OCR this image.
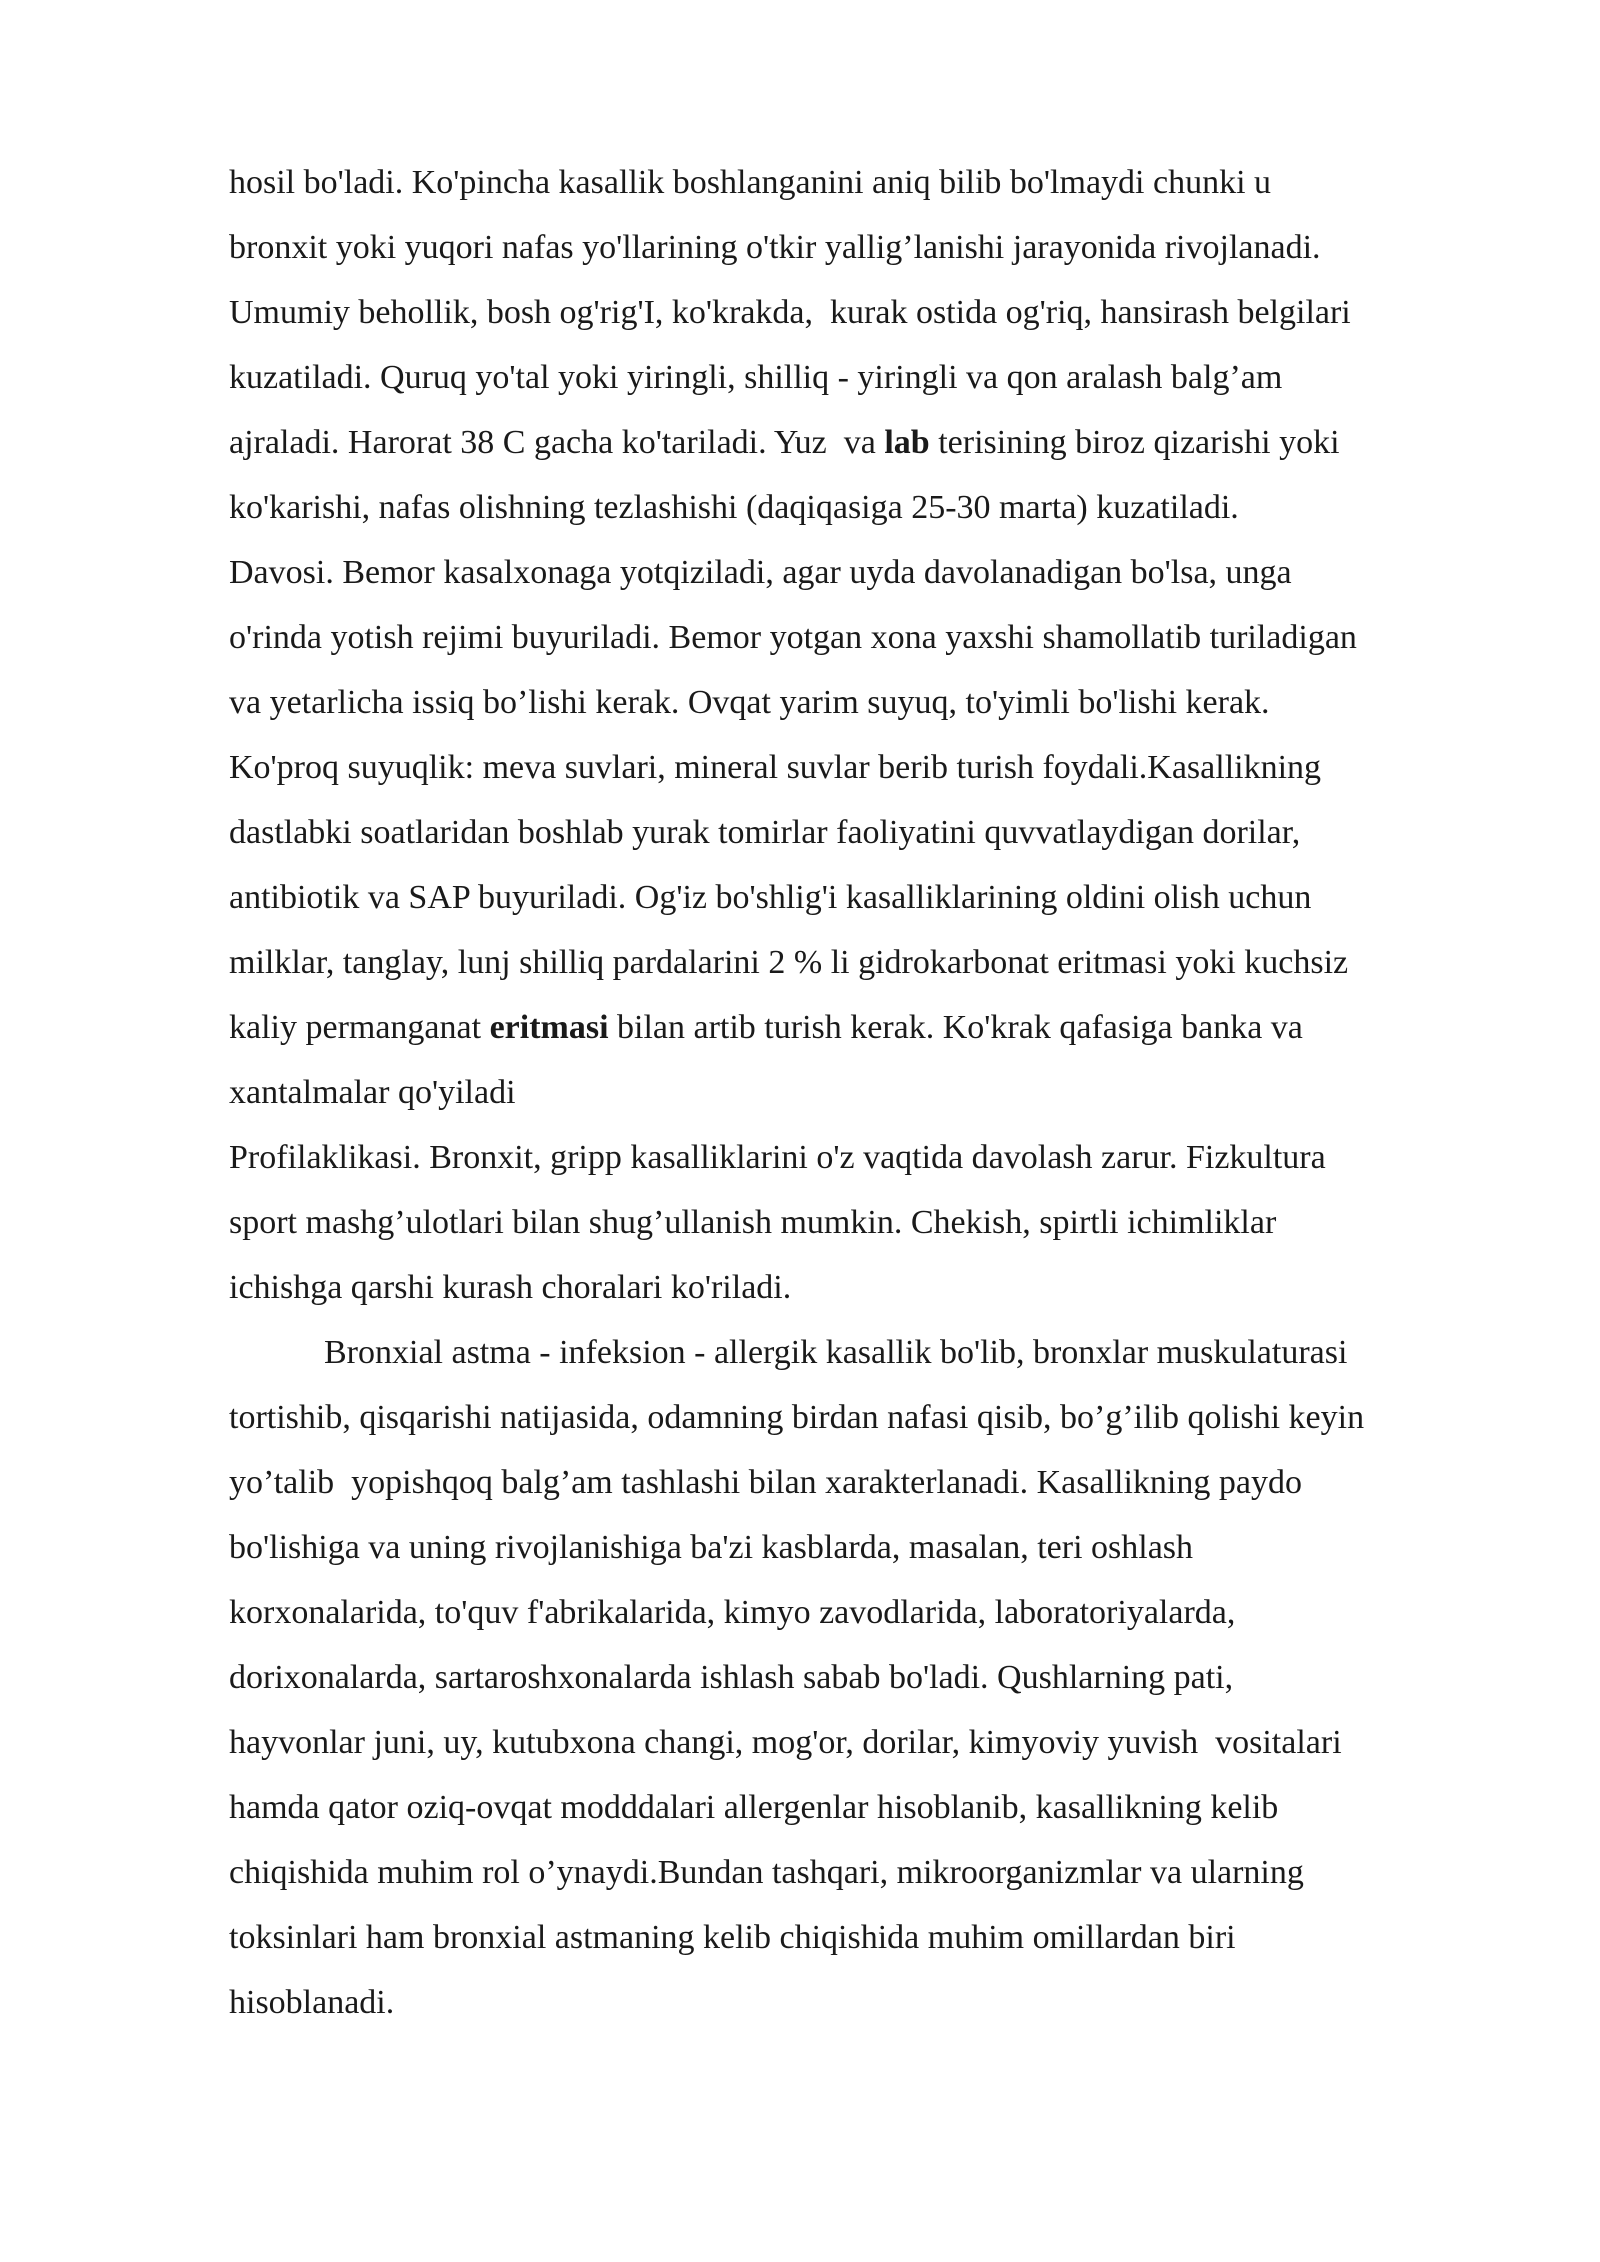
hosil bo'ladi. Ko'pincha kasallik boshlanganini aniq bilib bo'lmaydi chunki u
bronxit yoki yuqori nafas yo'llarining o'tkir yallig’lanishi jarayonida rivojlanadi.
Umumiy behollik, bosh og'rig'I, ko'krakda,  kurak ostida og'riq, hansirash belgilari
kuzatiladi. Quruq yo'tal yoki yiringli, shilliq - yiringli va qon aralash balg’am
ajraladi. Harorat 38 C gacha ko'tariladi. Yuz  va lab terisining biroz qizarishi yoki
ko'karishi, nafas olishning tezlashishi (daqiqasiga 25-30 marta) kuzatiladi.
Davosi. Bemor kasalxonaga yotqiziladi, agar uyda davolanadigan bo'lsa, unga
o'rinda yotish rejimi buyuriladi. Bemor yotgan xona yaxshi shamollatib turiladigan
va yetarlicha issiq bo’lishi kerak. Ovqat yarim suyuq, to'yimli bo'lishi kerak.
Ko'proq suyuqlik: meva suvlari, mineral suvlar berib turish foydali.Kasallikning
dastlabki soatlaridan boshlab yurak tomirlar faoliyatini quvvatlaydigan dorilar,
antibiotik va SAP buyuriladi. Og'iz bo'shlig'i kasalliklarining oldini olish uchun
milklar, tanglay, lunj shilliq pardalarini 2 % li gidrokarbonat eritmasi yoki kuchsiz
kaliy permanganat eritmasi bilan artib turish kerak. Ko'krak qafasiga banka va
xantalmalar qo'yiladi
Profilaklikasi. Bronxit, gripp kasalliklarini o'z vaqtida davolash zarur. Fizkultura
sport mashg’ulotlari bilan shug’ullanish mumkin. Chekish, spirtli ichimliklar
ichishga qarshi kurash choralari ko'riladi.
Bronxial astma - infeksion - allergik kasallik bo'lib, bronxlar muskulaturasi
tortishib, qisqarishi natijasida, odamning birdan nafasi qisib, bo’g’ilib qolishi keyin
yo’talib  yopishqoq balg’am tashlashi bilan xarakterlanadi. Kasallikning paydo
bo'lishiga va uning rivojlanishiga ba'zi kasblarda, masalan, teri oshlash
korxonalarida, to'quv f'abrikalarida, kimyo zavodlarida, laboratoriyalarda,
dorixonalarda, sartaroshxonalarda ishlash sabab bo'ladi. Qushlarning pati,
hayvonlar juni, uy, kutubxona changi, mog'or, dorilar, kimyoviy yuvish  vositalari
hamda qator oziq-ovqat modddalari allergenlar hisoblanib, kasallikning kelib
chiqishida muhim rol o’ynaydi.Bundan tashqari, mikroorganizmlar va ularning
toksinlari ham bronxial astmaning kelib chiqishida muhim omillardan biri
hisoblanadi.
